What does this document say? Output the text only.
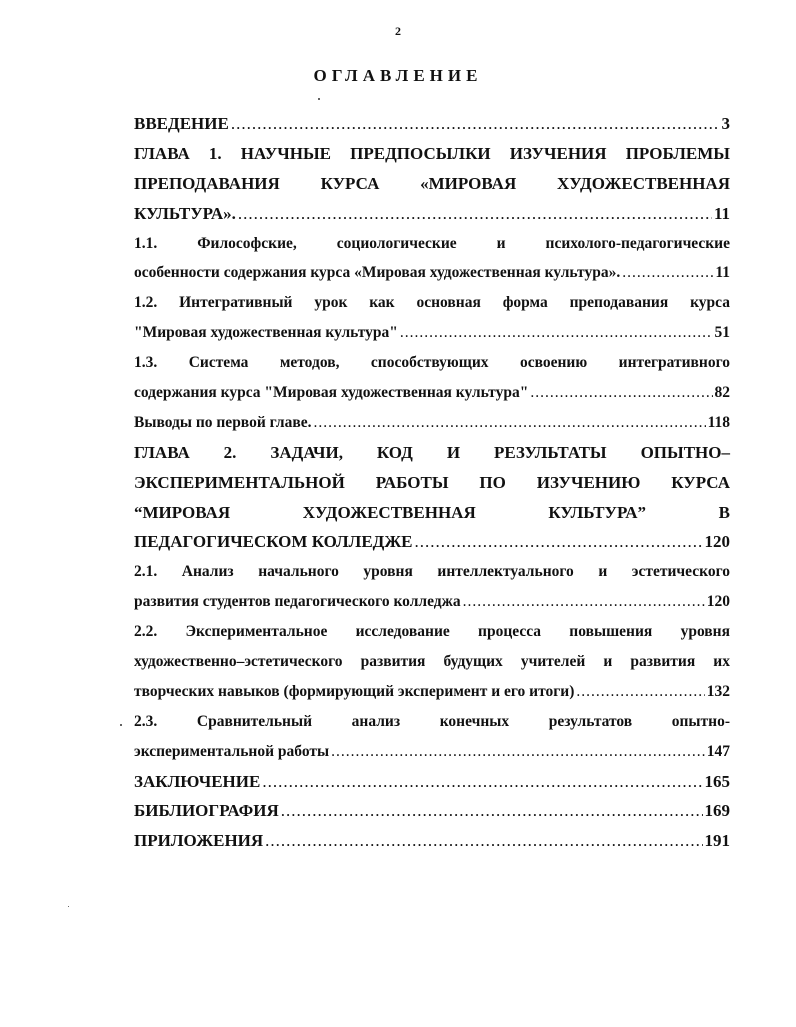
2
ОГЛАВЛЕНИЕ
ВВЕДЕНИЕ .....	3
ГЛАВА 1. НАУЧНЫЕ ПРЕДПОСЫЛКИ ИЗУЧЕНИЯ ПРОБЛЕМЫ
ПРЕПОДАВАНИЯ КУРСА «МИРОВАЯ ХУДОЖЕСТВЕННАЯ
КУЛЬТУРА». .....	11
1.1. Философские, социологические и психолого-педагогические
особенности содержания курса «Мировая художественная культура». .....	11
1.2. Интегративный урок как основная форма преподавания курса
"Мировая художественная культура" .....	51
1.3. Система методов, способствующих освоению интегративного
содержания курса "Мировая художественная культура" .....	82
Выводы по первой главе. .....	118
ГЛАВА 2. ЗАДАЧИ, КОД И РЕЗУЛЬТАТЫ ОПЫТНО–
ЭКСПЕРИМЕНТАЛЬНОЙ РАБОТЫ ПО ИЗУЧЕНИЮ КУРСА
“МИРОВАЯ ХУДОЖЕСТВЕННАЯ КУЛЬТУРА” В
ПЕДАГОГИЧЕСКОМ КОЛЛЕДЖЕ .....	120
2.1. Анализ начального уровня интеллектуального и эстетического
развития студентов педагогического колледжа .....	120
2.2. Экспериментальное исследование процесса повышения уровня
художественно–эстетического развития будущих учителей и развития их
творческих навыков (формирующий эксперимент и его итоги) .....	132
2.3. Сравнительный анализ конечных результатов опытно-
экспериментальной работы .....	147
ЗАКЛЮЧЕНИЕ .....	165
БИБЛИОГРАФИЯ .....	169
ПРИЛОЖЕНИЯ .....	191
